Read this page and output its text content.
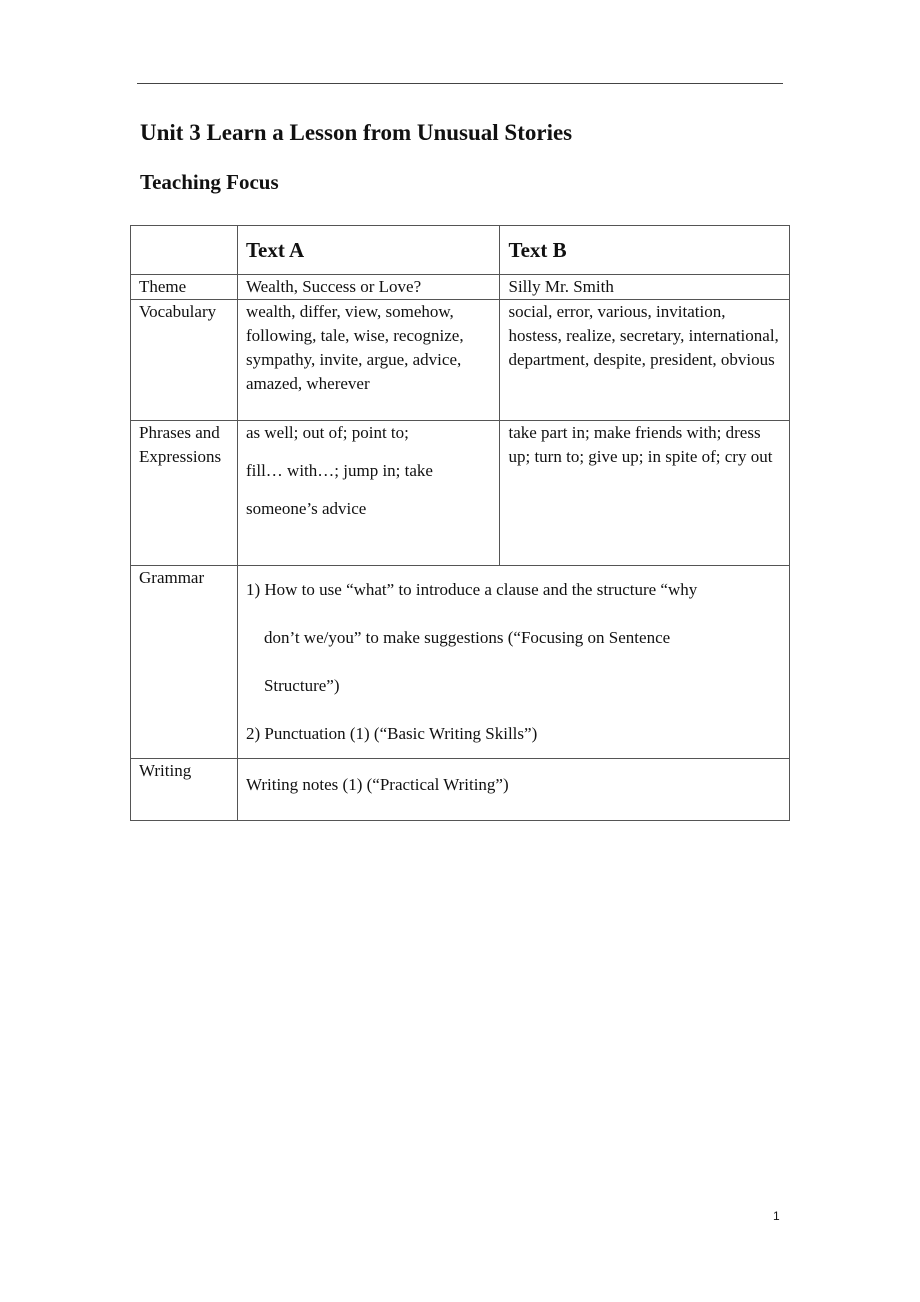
Unit 3 Learn a Lesson from Unusual Stories
Teaching Focus
	Text A	Text B
Theme	Wealth, Success or Love?	Silly Mr. Smith
Vocabulary	wealth, differ, view, somehow, following, tale, wise, recognize, sympathy, invite, argue, advice, amazed, wherever	social, error, various, invitation, hostess, realize, secretary, international, department, despite, president, obvious
Phrases and Expressions	as well; out of; point to;
fill… with…; jump in; take
someone’s advice	take part in; make friends with; dress up; turn to; give up; in spite of; cry out
Grammar	1) How to use “what” to introduce a clause and the structure “why
don’t we/you” to make suggestions (“Focusing on Sentence
Structure”)
2) Punctuation (1) (“Basic Writing Skills”)	

Writing	Writing notes (1) (“Practical Writing”)	
1
